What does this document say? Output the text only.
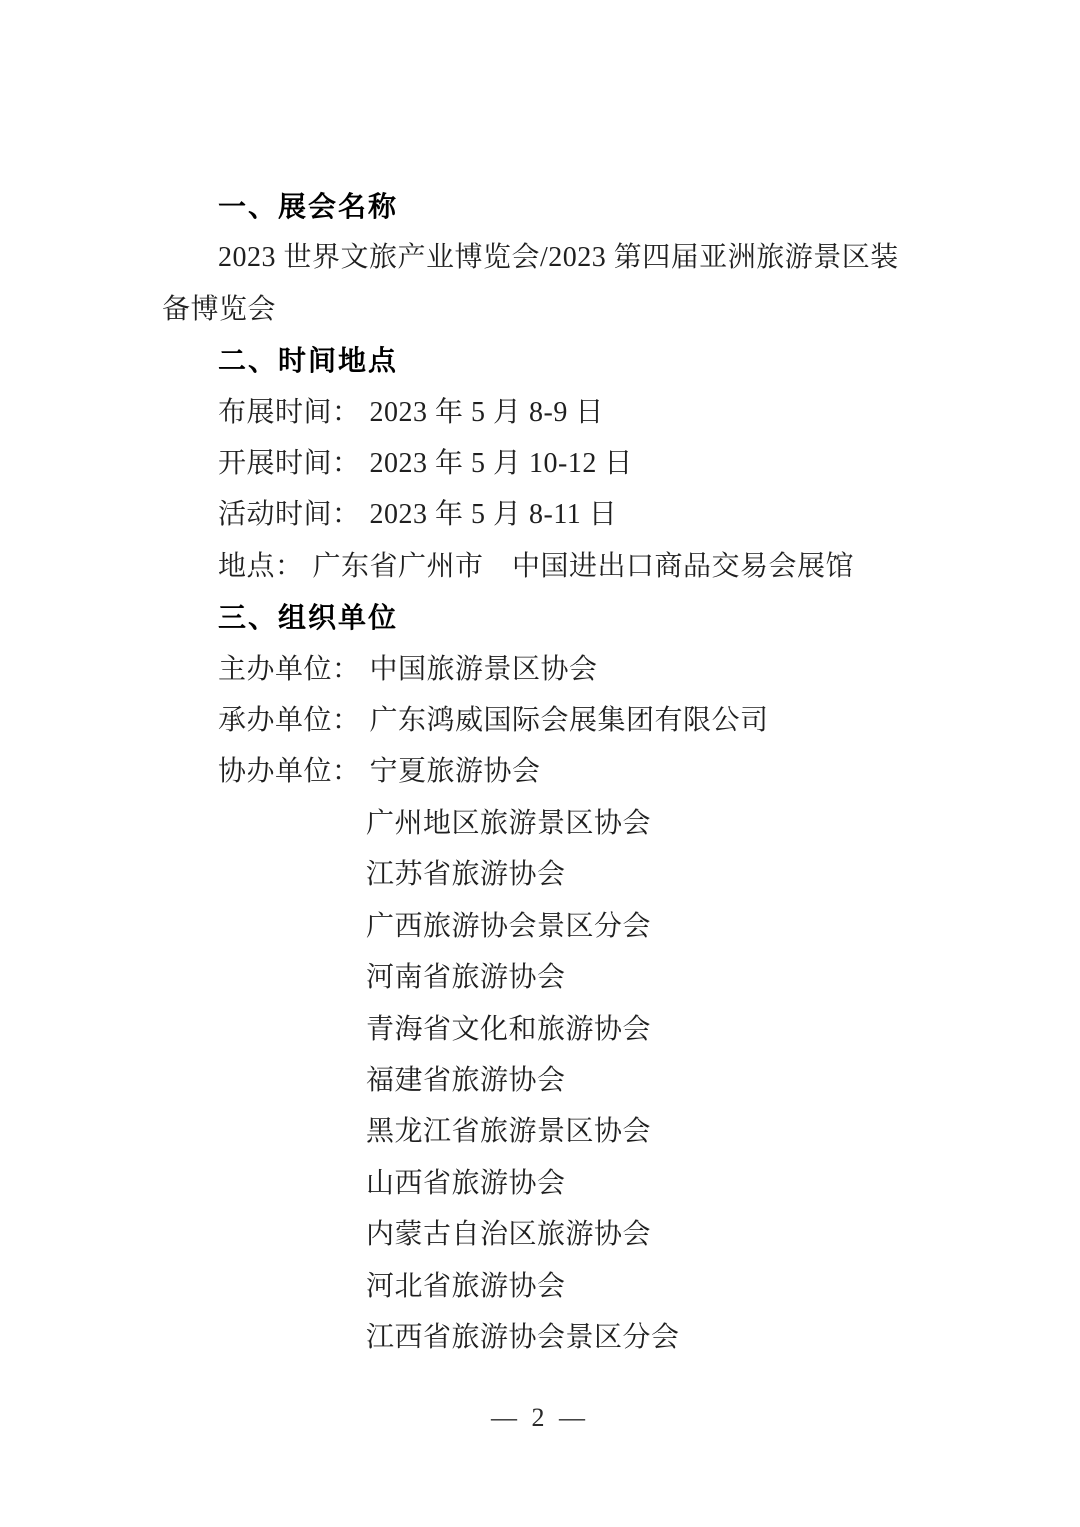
一、展会名称
2023 世界文旅产业博览会/2023 第四届亚洲旅游景区装
备博览会
二、时间地点
布展时间： 2023 年 5 月 8-9 日
开展时间： 2023 年 5 月 10-12 日
活动时间： 2023 年 5 月 8-11 日
地点： 广东省广州市　中国进出口商品交易会展馆
三、组织单位
主办单位： 中国旅游景区协会
承办单位： 广东鸿威国际会展集团有限公司
协办单位： 宁夏旅游协会
广州地区旅游景区协会
江苏省旅游协会
广西旅游协会景区分会
河南省旅游协会
青海省文化和旅游协会
福建省旅游协会
黑龙江省旅游景区协会
山西省旅游协会
内蒙古自治区旅游协会
河北省旅游协会
江西省旅游协会景区分会
— 2 —
